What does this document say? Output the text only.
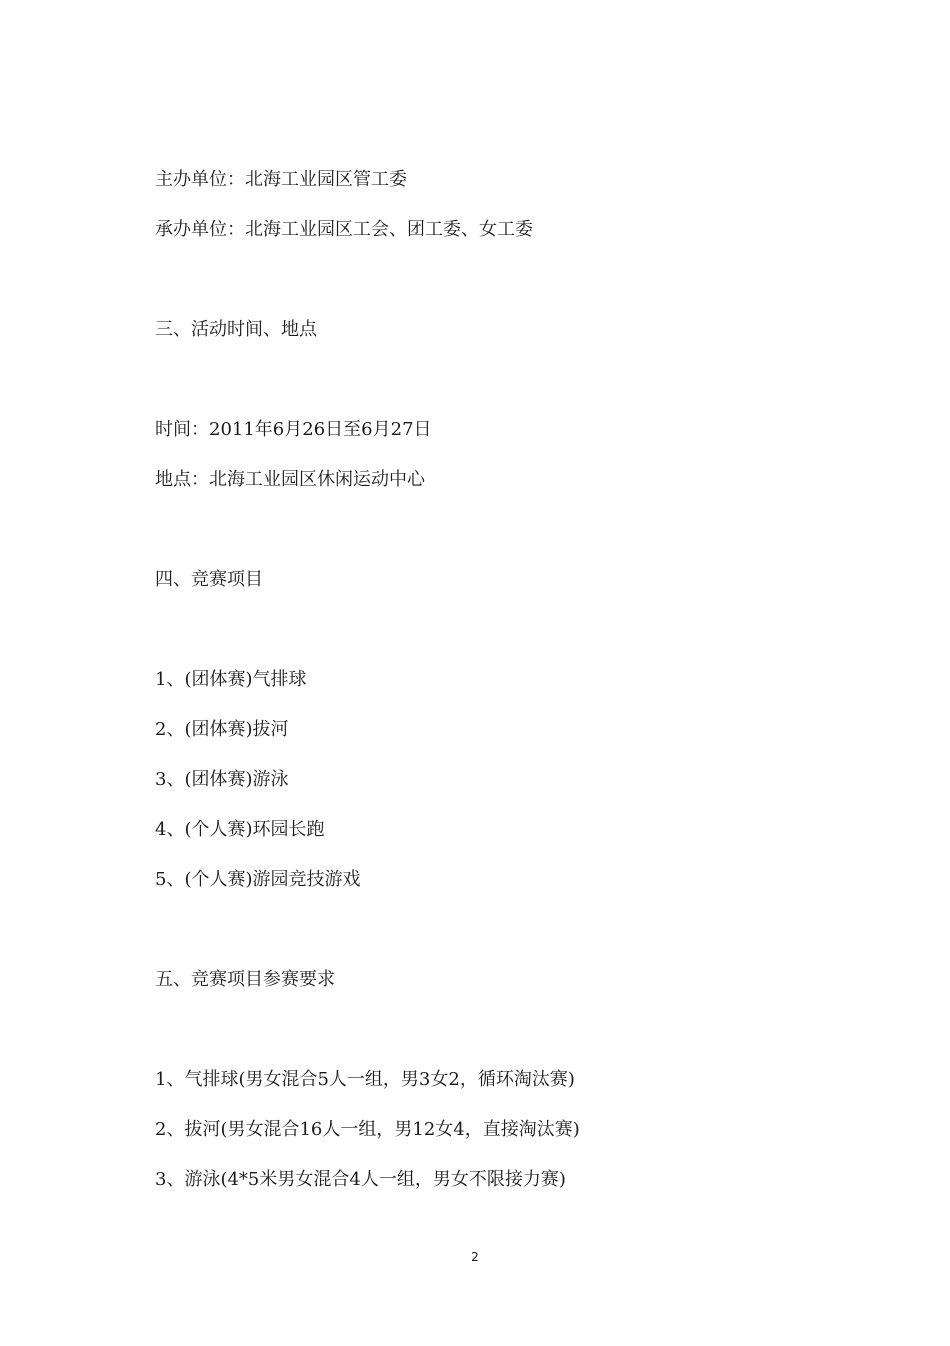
主办单位：北海工业园区管工委

承办单位：北海工业园区工会、团工委、女工委

三、活动时间、地点

时间：2011年6月26日至6月27日

地点：北海工业园区休闲运动中心

四、竞赛项目

1、(团体赛)气排球

2、(团体赛)拔河

3、(团体赛)游泳

4、(个人赛)环园长跑

5、(个人赛)游园竞技游戏

五、竞赛项目参赛要求

1、气排球(男女混合5人一组，男3女2，循环淘汰赛)

2、拔河(男女混合16人一组，男12女4，直接淘汰赛)

3、游泳(4*5米男女混合4人一组，男女不限接力赛)

2
